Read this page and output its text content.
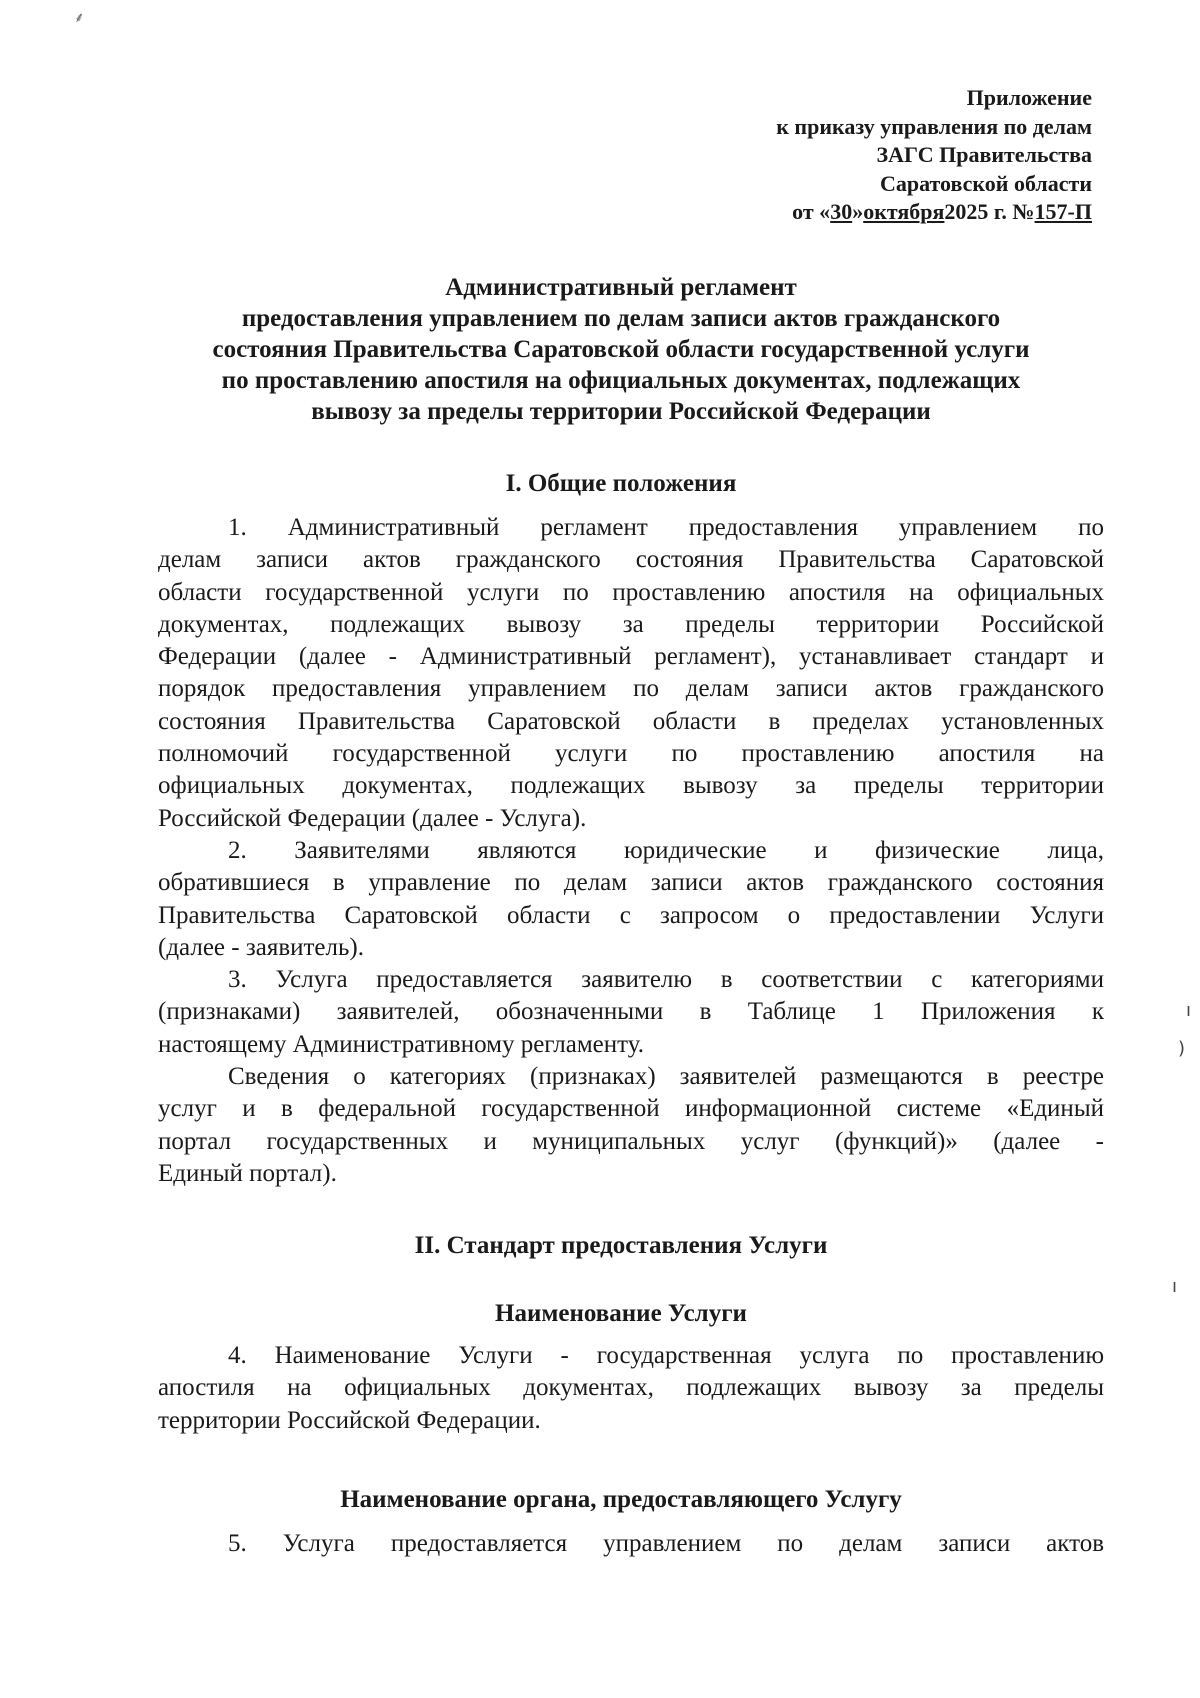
⸙
Приложение
к приказу управления по делам
ЗАГС Правительства
Саратовской области
от «30»октября2025 г. №157-П
Административный регламент
предоставления управлением по делам записи актов гражданского
состояния Правительства Саратовской области государственной услуги
по проставлению апостиля на официальных документах, подлежащих
вывозу за пределы территории Российской Федерации
I. Общие положения
1. Административный регламент предоставления управлением по
делам записи актов гражданского состояния Правительства Саратовской
области государственной услуги по проставлению апостиля на официальных
документах, подлежащих вывозу за пределы территории Российской
Федерации (далее - Административный регламент), устанавливает стандарт и
порядок предоставления управлением по делам записи актов гражданского
состояния Правительства Саратовской области в пределах установленных
полномочий государственной услуги по проставлению апостиля на
официальных документах, подлежащих вывозу за пределы территории
Российской Федерации (далее - Услуга).
2. Заявителями являются юридические и физические лица,
обратившиеся в управление по делам записи актов гражданского состояния
Правительства Саратовской области с запросом о предоставлении Услуги
(далее - заявитель).
3. Услуга предоставляется заявителю в соответствии с категориями
(признаками) заявителей, обозначенными в Таблице 1 Приложения к
настоящему Административному регламенту.
Сведения о категориях (признаках) заявителей размещаются в реестре
услуг и в федеральной государственной информационной системе «Единый
портал государственных и муниципальных услуг (функций)» (далее -
Единый портал).
II. Стандарт предоставления Услуги
Наименование Услуги
4. Наименование Услуги - государственная услуга по проставлению
апостиля на официальных документах, подлежащих вывозу за пределы
территории Российской Федерации.
Наименование органа, предоставляющего Услугу
5. Услуга предоставляется управлением по делам записи актов
ı
)
ı
